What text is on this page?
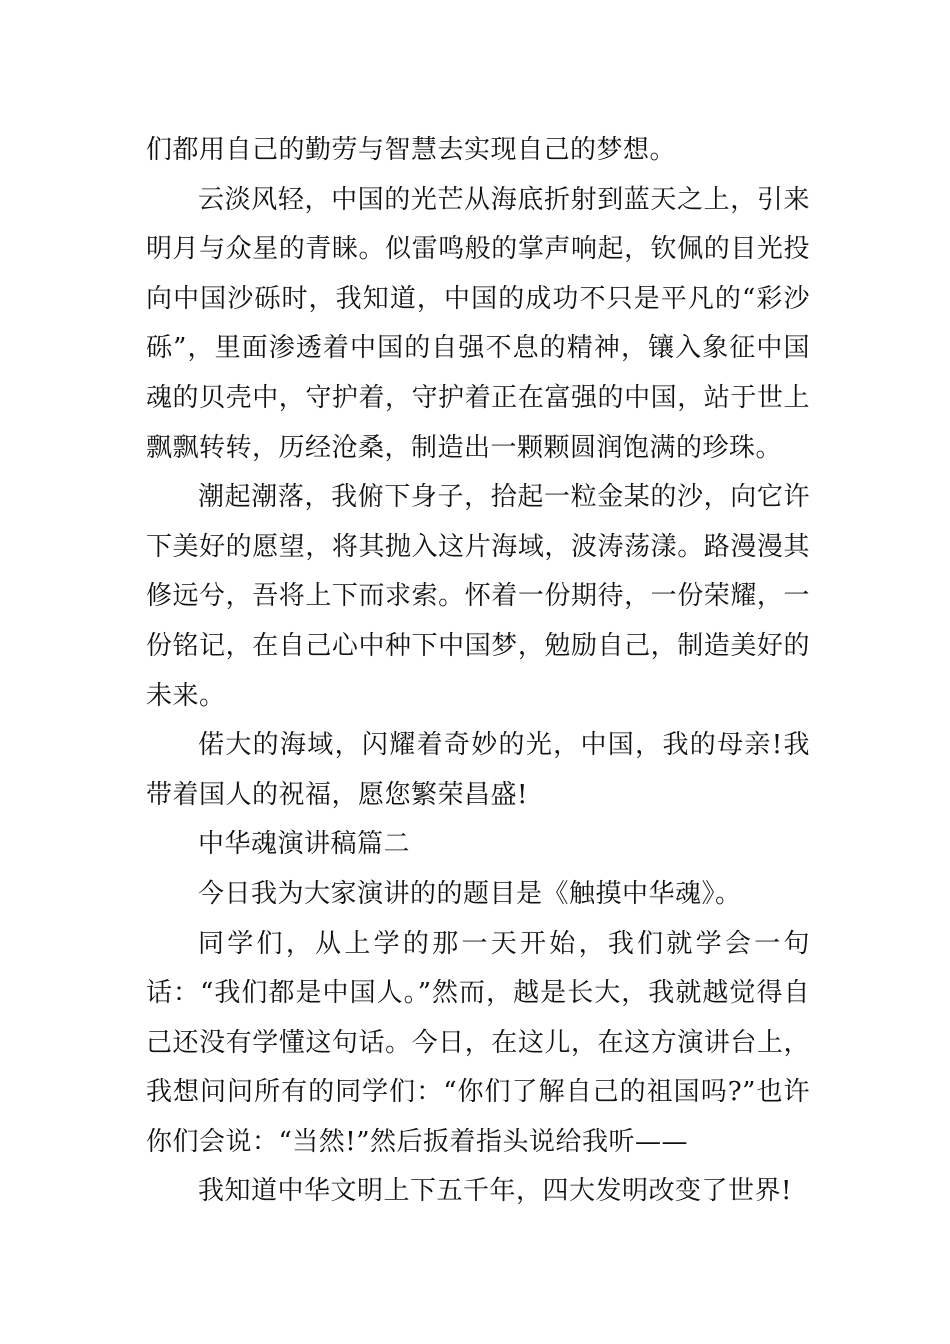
们都用自己的勤劳与智慧去实现自己的梦想。

云淡风轻，中国的光芒从海底折射到蓝天之上，引来明月与众星的青睐。似雷鸣般的掌声响起，钦佩的目光投向中国沙砾时，我知道，中国的成功不只是平凡的“彩沙砾”，里面渗透着中国的自强不息的精神，镶入象征中国魂的贝壳中，守护着，守护着正在富强的中国，站于世上飘飘转转，历经沧桑，制造出一颗颗圆润饱满的珍珠。

潮起潮落，我俯下身子，拾起一粒金某的沙，向它许下美好的愿望，将其抛入这片海域，波涛荡漾。路漫漫其修远兮，吾将上下而求索。怀着一份期待，一份荣耀，一份铭记，在自己心中种下中国梦，勉励自己，制造美好的未来。

偌大的海域，闪耀着奇妙的光，中国，我的母亲!我带着国人的祝福，愿您繁荣昌盛!

中华魂演讲稿篇二

今日我为大家演讲的的题目是《触摸中华魂》。

同学们，从上学的那一天开始，我们就学会一句话：“我们都是中国人。”然而，越是长大，我就越觉得自己还没有学懂这句话。今日，在这儿，在这方演讲台上，我想问问所有的同学们：“你们了解自己的祖国吗?”也许你们会说：“当然!”然后扳着指头说给我听——

我知道中华文明上下五千年，四大发明改变了世界!
